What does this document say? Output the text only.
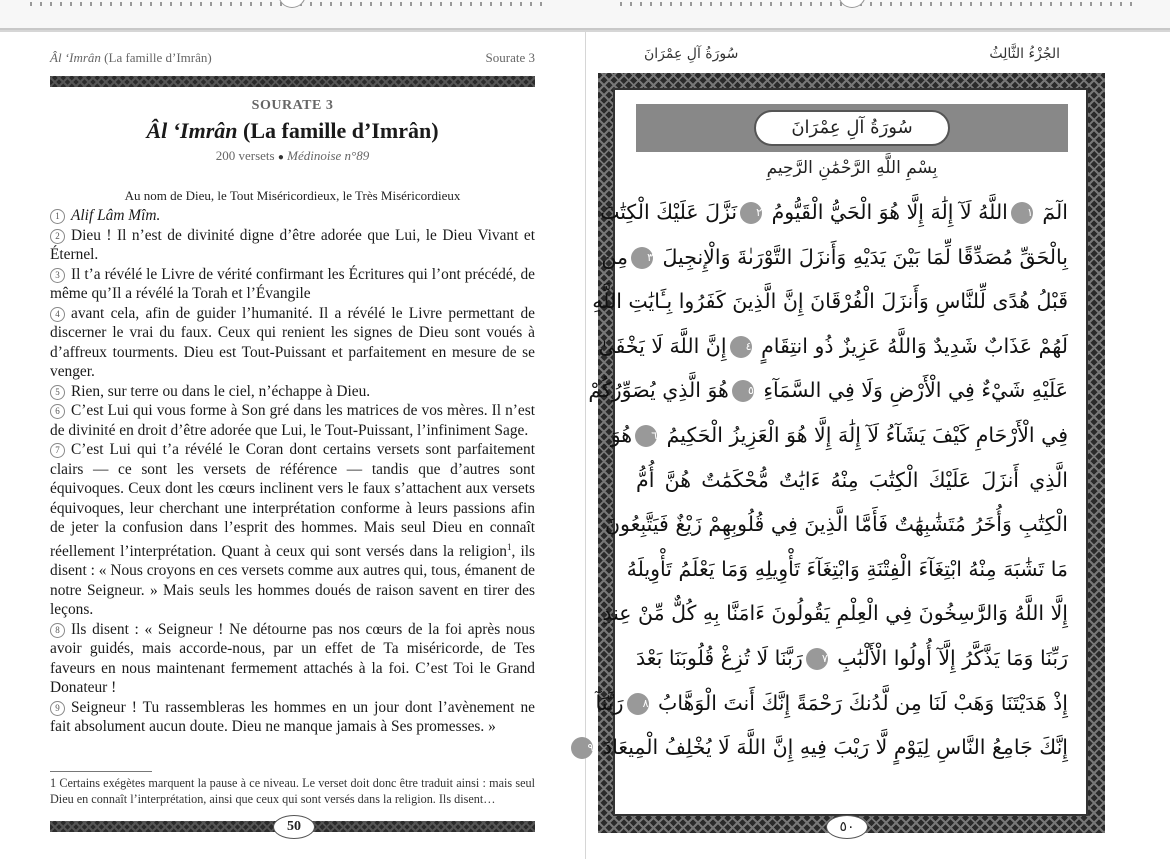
Âl ‘Imrân (La famille d’Imrân)	Sourate 3
SOURATE 3
Âl ‘Imrân (La famille d’Imrân)
200 versets ● Médinoise n°89
Au nom de Dieu, le Tout Miséricordieux, le Très Miséricordieux

1 Alif Lâm Mîm.

2 Dieu ! Il n’est de divinité digne d’être adorée que Lui, le Dieu Vivant et Éternel.

3 Il t’a révélé le Livre de vérité confirmant les Écritures qui l’ont précédé, de même qu’Il a révélé la Torah et l’Évangile

4 avant cela, afin de guider l’humanité. Il a révélé le Livre permettant de discerner le vrai du faux. Ceux qui renient les signes de Dieu sont voués à d’affreux tourments. Dieu est Tout-Puissant et parfaitement en mesure de se venger.

5 Rien, sur terre ou dans le ciel, n’échappe à Dieu.

6 C’est Lui qui vous forme à Son gré dans les matrices de vos mères. Il n’est de divinité en droit d’être adorée que Lui, le Tout-Puissant, l’infiniment Sage.

7 C’est Lui qui t’a révélé le Coran dont certains versets sont parfaitement clairs — ce sont les versets de référence — tandis que d’autres sont équivoques. Ceux dont les cœurs inclinent vers le faux s’attachent aux versets équivoques, leur cherchant une interprétation conforme à leurs passions afin de jeter la confusion dans l’esprit des hommes. Mais seul Dieu en connaît réellement l’interprétation. Quant à ceux qui sont versés dans la religion$^1$, ils disent : « Nous croyons en ces versets comme aux autres qui, tous, émanent de notre Seigneur. » Mais seuls les hommes doués de raison savent en tirer des leçons.

8 Ils disent : « Seigneur ! Ne détourne pas nos cœurs de la foi après nous avoir guidés, mais accorde-nous, par un effet de Ta miséricorde, de Tes faveurs en nous maintenant fermement attachés à la foi. C’est Toi le Grand Donateur !

9 Seigneur ! Tu rassembleras les hommes en un jour dont l’avènement ne fait absolument aucun doute. Dieu ne manque jamais à Ses promesses. »

1 Certains exégètes marquent la pause à ce niveau. Le verset doit donc être traduit ainsi : mais seul Dieu en connaît l’interprétation, ainsi que ceux qui sont versés dans la religion. Ils disent…
50
الجُزْءُ الثَّالِثُ
سُورَةُ آلِ عِمْرَانَ
سُورَةُ آلِ عِمْرَانَ
بِسْمِ اللَّهِ الرَّحْمَٰنِ الرَّحِيمِ
الٓمٓ ١اللَّهُ لَآ إِلَٰهَ إِلَّا هُوَ الْحَيُّ الْقَيُّومُ ٢نَزَّلَ عَلَيْكَ الْكِتَٰبَ
بِالْحَقِّ مُصَدِّقًا لِّمَا بَيْنَ يَدَيْهِ وَأَنزَلَ التَّوْرَىٰةَ وَالْإِنجِيلَ ٣مِن
قَبْلُ هُدًى لِّلنَّاسِ وَأَنزَلَ الْفُرْقَانَ إِنَّ الَّذِينَ كَفَرُوا بِـَٔايَٰتِ اللَّهِ
لَهُمْ عَذَابٌ شَدِيدٌ وَاللَّهُ عَزِيزٌ ذُو انتِقَامٍ ٤إِنَّ اللَّهَ لَا يَخْفَىٰ
عَلَيْهِ شَيْءٌ فِي الْأَرْضِ وَلَا فِي السَّمَآءِ ٥هُوَ الَّذِي يُصَوِّرُكُمْ
فِي الْأَرْحَامِ كَيْفَ يَشَآءُ لَآ إِلَٰهَ إِلَّا هُوَ الْعَزِيزُ الْحَكِيمُ ٦هُوَ
الَّذِي أَنزَلَ عَلَيْكَ الْكِتَٰبَ مِنْهُ ءَايَٰتٌ مُّحْكَمَٰتٌ هُنَّ أُمُّ
الْكِتَٰبِ وَأُخَرُ مُتَشَٰبِهَٰتٌ فَأَمَّا الَّذِينَ فِي قُلُوبِهِمْ زَيْغٌ فَيَتَّبِعُونَ
مَا تَشَٰبَهَ مِنْهُ ابْتِغَآءَ الْفِتْنَةِ وَابْتِغَآءَ تَأْوِيلِهِ وَمَا يَعْلَمُ تَأْوِيلَهُ
إِلَّا اللَّهُ وَالرَّٰسِخُونَ فِي الْعِلْمِ يَقُولُونَ ءَامَنَّا بِهِ كُلٌّ مِّنْ عِندِ
رَبِّنَا وَمَا يَذَّكَّرُ إِلَّآ أُولُوا الْأَلْبَٰبِ ٧رَبَّنَا لَا تُزِغْ قُلُوبَنَا بَعْدَ
إِذْ هَدَيْتَنَا وَهَبْ لَنَا مِن لَّدُنكَ رَحْمَةً إِنَّكَ أَنتَ الْوَهَّابُ ٨رَبَّنَآ
إِنَّكَ جَامِعُ النَّاسِ لِيَوْمٍ لَّا رَيْبَ فِيهِ إِنَّ اللَّهَ لَا يُخْلِفُ الْمِيعَادَ ٩
٥٠
